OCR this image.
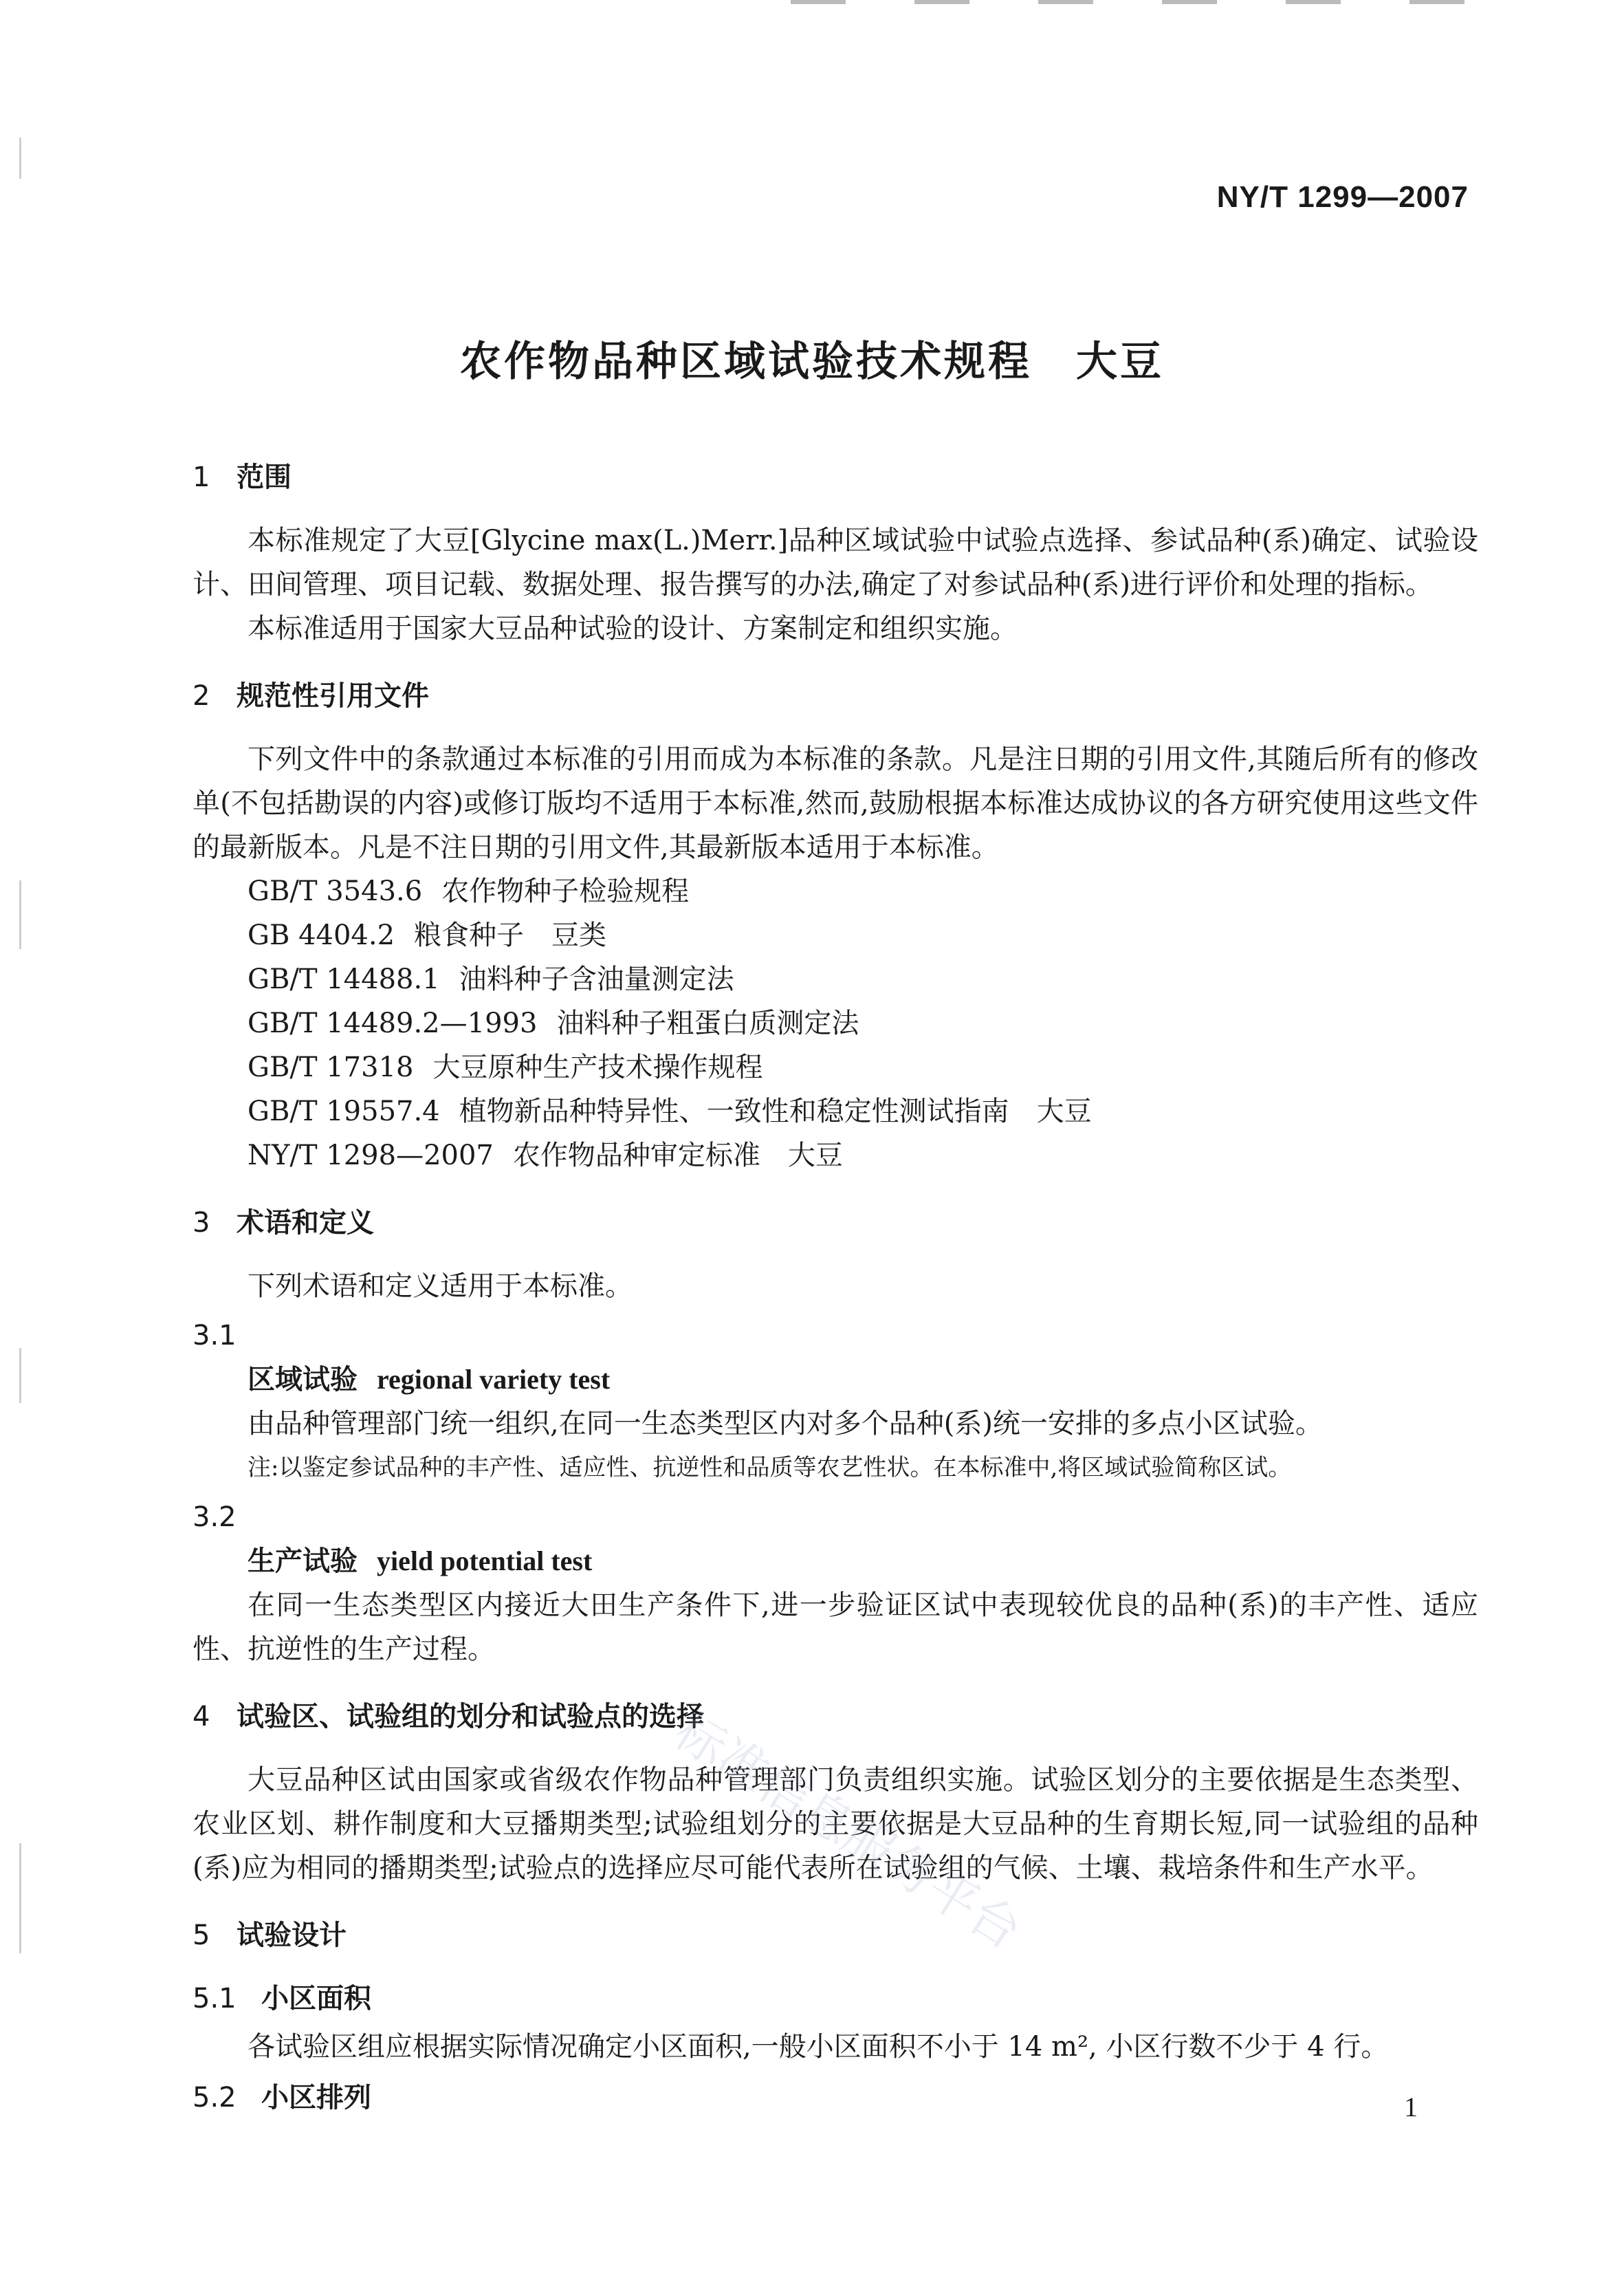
NY/T 1299—2007
农作物品种区域试验技术规程　大豆
1 范围

本标准规定了大豆[Glycine max(L.)Merr.]品种区域试验中试验点选择、参试品种(系)确定、试验设计、田间管理、项目记载、数据处理、报告撰写的办法,确定了对参试品种(系)进行评价和处理的指标。

本标准适用于国家大豆品种试验的设计、方案制定和组织实施。

2 规范性引用文件

下列文件中的条款通过本标准的引用而成为本标准的条款。凡是注日期的引用文件,其随后所有的修改单(不包括勘误的内容)或修订版均不适用于本标准,然而,鼓励根据本标准达成协议的各方研究使用这些文件的最新版本。凡是不注日期的引用文件,其最新版本适用于本标准。

GB/T 3543.6 农作物种子检验规程

GB 4404.2 粮食种子　豆类

GB/T 14488.1 油料种子含油量测定法

GB/T 14489.2—1993 油料种子粗蛋白质测定法

GB/T 17318 大豆原种生产技术操作规程

GB/T 19557.4 植物新品种特异性、一致性和稳定性测试指南　大豆

NY/T 1298—2007 农作物品种审定标准　大豆

3 术语和定义

下列术语和定义适用于本标准。

3.1

区域试验 regional variety test

由品种管理部门统一组织,在同一生态类型区内对多个品种(系)统一安排的多点小区试验。

注:以鉴定参试品种的丰产性、适应性、抗逆性和品质等农艺性状。在本标准中,将区域试验简称区试。

3.2

生产试验 yield potential test

在同一生态类型区内接近大田生产条件下,进一步验证区试中表现较优良的品种(系)的丰产性、适应性、抗逆性的生产过程。

4 试验区、试验组的划分和试验点的选择

大豆品种区试由国家或省级农作物品种管理部门负责组织实施。试验区划分的主要依据是生态类型、农业区划、耕作制度和大豆播期类型;试验组划分的主要依据是大豆品种的生育期长短,同一试验组的品种(系)应为相同的播期类型;试验点的选择应尽可能代表所在试验组的气候、土壤、栽培条件和生产水平。

5 试验设计
5.1 小区面积

各试验区组应根据实际情况确定小区面积,一般小区面积不小于 14 m², 小区行数不少于 4 行。

5.2 小区排列
标准信息服务平台
1
